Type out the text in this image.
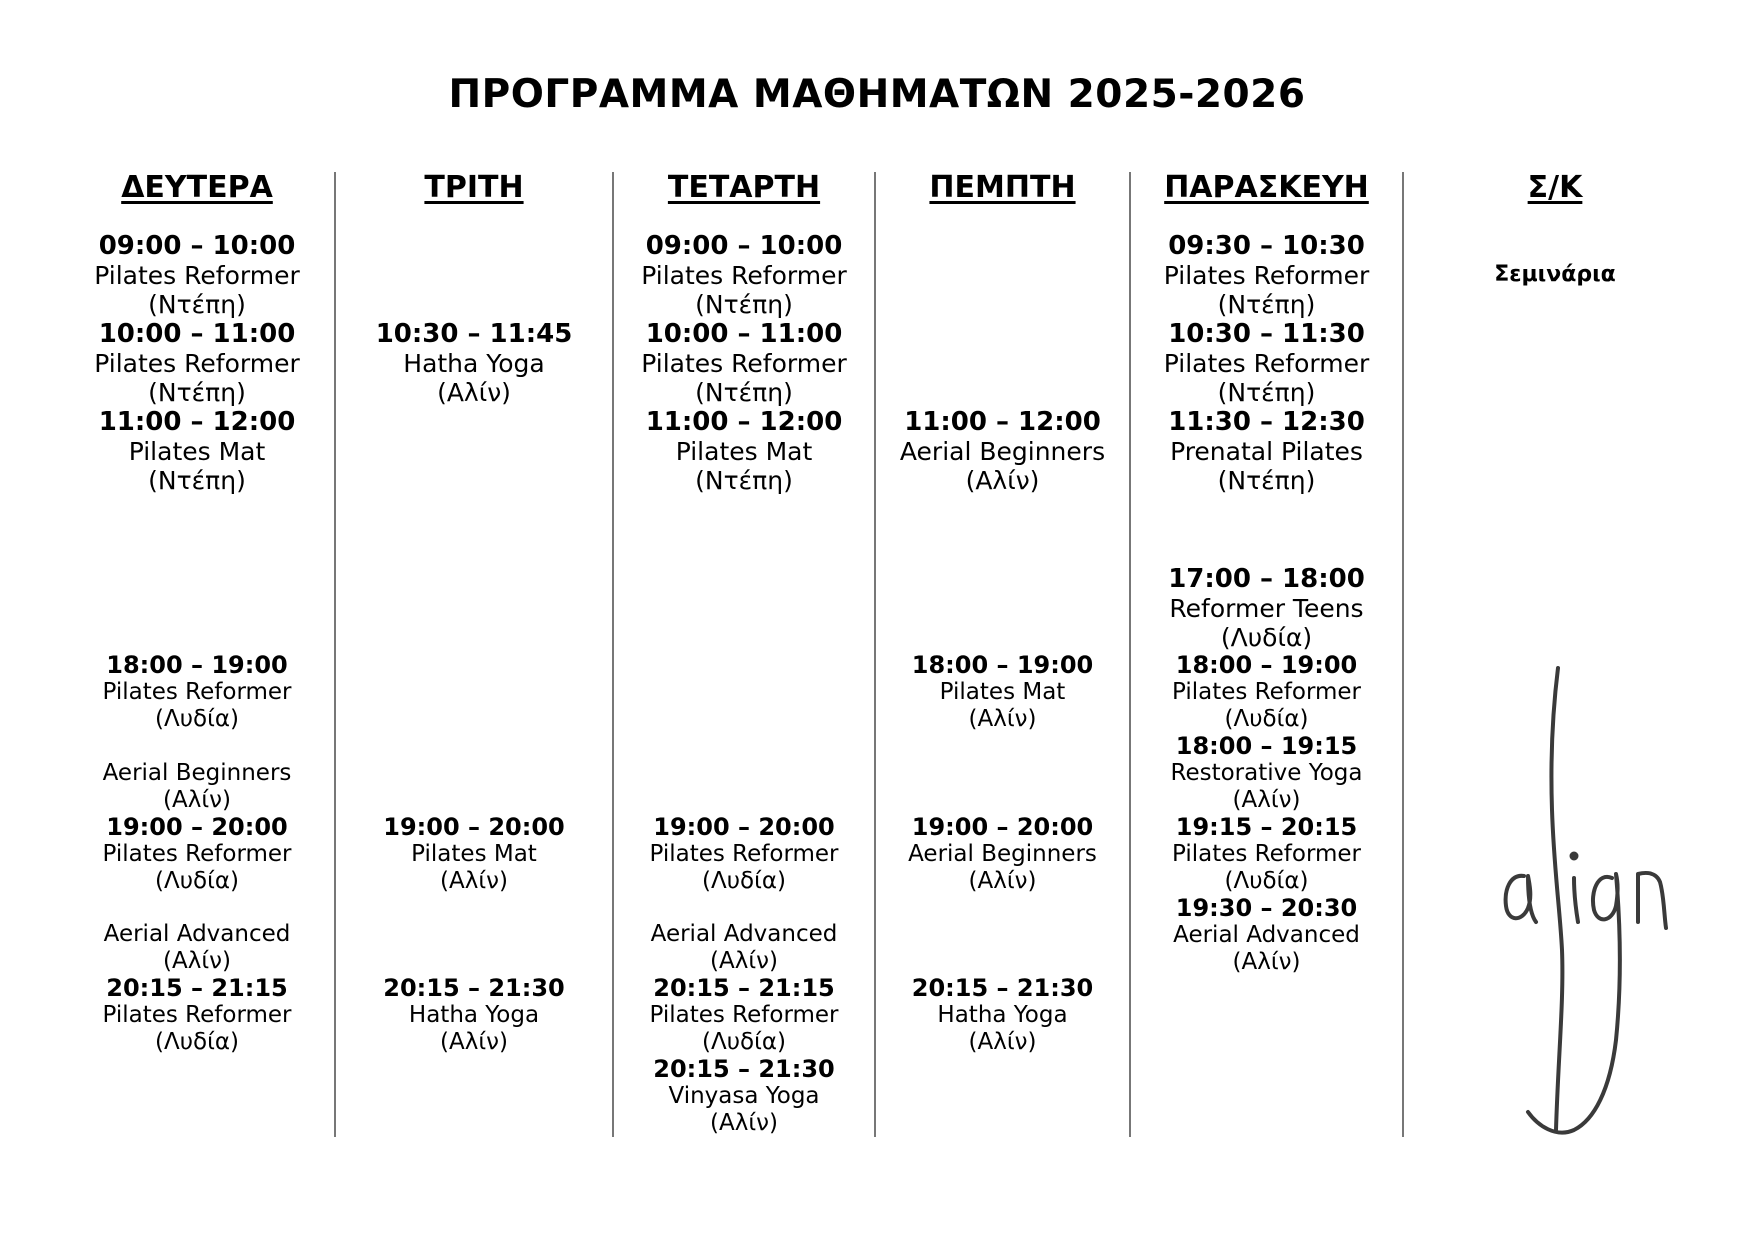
ΠΡΟΓΡΑΜΜΑ ΜΑΘΗΜΑΤΩΝ 2025-2026
ΔΕΥΤΕΡΑ
09:00 – 10:00
Pilates Reformer
(Ντέπη)
10:00 – 11:00
Pilates Reformer
(Ντέπη)
11:00 – 12:00
Pilates Mat
(Ντέπη)
18:00 – 19:00
Pilates Reformer
(Λυδία)
Aerial Beginners
(Αλίν)
19:00 – 20:00
Pilates Reformer
(Λυδία)
Aerial Advanced
(Αλίν)
20:15 – 21:15
Pilates Reformer
(Λυδία)
ΤΡΙΤΗ
10:30 – 11:45
Hatha Yoga
(Αλίν)
19:00 – 20:00
Pilates Mat
(Αλίν)
20:15 – 21:30
Hatha Yoga
(Αλίν)
ΤΕΤΑΡΤΗ
09:00 – 10:00
Pilates Reformer
(Ντέπη)
10:00 – 11:00
Pilates Reformer
(Ντέπη)
11:00 – 12:00
Pilates Mat
(Ντέπη)
19:00 – 20:00
Pilates Reformer
(Λυδία)
Aerial Advanced
(Αλίν)
20:15 – 21:15
Pilates Reformer
(Λυδία)
20:15 – 21:30
Vinyasa Yoga
(Αλίν)
ΠΕΜΠΤΗ
11:00 – 12:00
Aerial Beginners
(Αλίν)
18:00 – 19:00
Pilates Mat
(Αλίν)
19:00 – 20:00
Aerial Beginners
(Αλίν)
20:15 – 21:30
Hatha Yoga
(Αλίν)
ΠΑΡΑΣΚΕΥΗ
09:30 – 10:30
Pilates Reformer
(Ντέπη)
10:30 – 11:30
Pilates Reformer
(Ντέπη)
11:30 – 12:30
Prenatal Pilates
(Ντέπη)
17:00 – 18:00
Reformer Teens
(Λυδία)
18:00 – 19:00
Pilates Reformer
(Λυδία)
18:00 – 19:15
Restorative Yoga
(Αλίν)
19:15 – 20:15
Pilates Reformer
(Λυδία)
19:30 – 20:30
Aerial Advanced
(Αλίν)
Σ/Κ
Σεμινάρια
